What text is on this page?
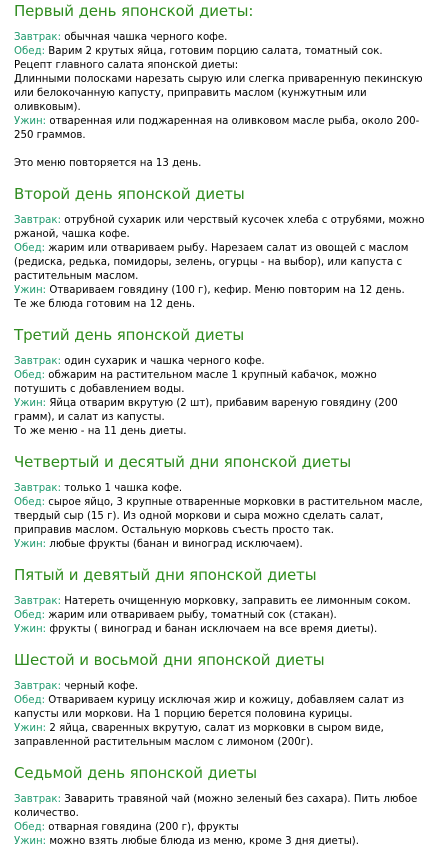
Первый день японской диеты:

Завтрак: обычная чашка черного кофе.

Обед: Варим 2 крутых яйца, готовим порцию салата, томатный сок.

Рецепт главного салата японской диеты:

Длинными полосками нарезать сырую или слегка приваренную пекинскую или белокочанную капусту, приправить маслом (кунжутным или оливковым).

Ужин: отваренная или поджаренная на оливковом масле рыба, около 200-250 граммов.

Это меню повторяется на 13 день.

Второй день японской диеты

Завтрак: отрубной сухарик или черствый кусочек хлеба с отрубями, можно ржаной, чашка кофе.

Обед: жарим или отвариваем рыбу. Нарезаем салат из овощей с маслом (редиска, редька, помидоры, зелень, огурцы - на выбор), или капуста с растительным маслом.

Ужин: Отвариваем говядину (100 г), кефир. Меню повторим на 12 день.

Те же блюда готовим на 12 день.

Третий день японской диеты

Завтрак: один сухарик и чашка черного кофе.

Обед: обжарим на растительном масле 1 крупный кабачок, можно потушить с добавлением воды.

Ужин: Яйца отварим вкрутую (2 шт), прибавим вареную говядину (200 грамм), и салат из капусты.

То же меню - на 11 день диеты.

Четвертый и десятый дни японской диеты

Завтрак: только 1 чашка кофе.

Обед: сырое яйцо, 3 крупные отваренные морковки в растительном масле, твердый сыр (15 г). Из одной моркови и сыра можно сделать салат, приправив маслом. Остальную морковь съесть просто так.

Ужин: любые фрукты (банан и виноград исключаем).

Пятый и девятый дни японской диеты

Завтрак: Натереть очищенную морковку, заправить ее лимонным соком.

Обед: жарим или отвариваем рыбу, томатный сок (стакан).

Ужин: фрукты ( виноград и банан исключаем на все время диеты).

Шестой и восьмой дни японской диеты

Завтрак: черный кофе.

Обед: Отвариваем курицу исключая жир и кожицу, добавляем салат из капусты или моркови. На 1 порцию берется половина курицы.

Ужин: 2 яйца, сваренных вкрутую, салат из морковки в сыром виде, заправленной растительным маслом с лимоном (200г).

Седьмой день японской диеты

Завтрак: Заварить травяной чай (можно зеленый без сахара). Пить любое количество.

Обед: отварная говядина (200 г), фрукты

Ужин: можно взять любые блюда из меню, кроме 3 дня диеты).
